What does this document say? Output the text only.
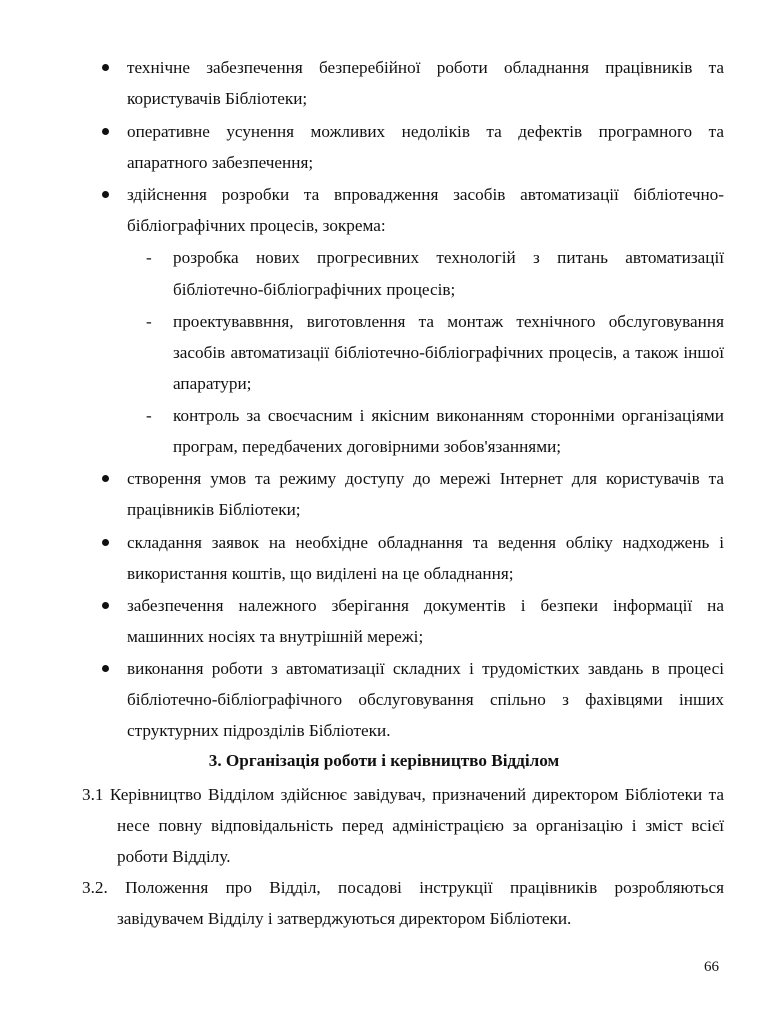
технічне забезпечення безперебійної роботи обладнання працівників та
користувачів Бібліотеки;
оперативне усунення можливих недоліків та дефектів програмного та
апаратного забезпечення;
здійснення розробки та впровадження засобів автоматизації бібліотечно-
бібліографічних процесів, зокрема:
- розробка нових прогресивних технологій з питань автоматизації
бібліотечно-бібліографічних процесів;
- проектуваввння, виготовлення та монтаж технічного обслуговування
засобів автоматизації бібліотечно-бібліографічних процесів, а також іншої
апаратури;
- контроль за своєчасним і якісним виконанням сторонніми організаціями
програм, передбачених договірними зобов'язаннями;
створення умов та режиму доступу до мережі Інтернет для користувачів та
працівників Бібліотеки;
складання заявок на необхідне обладнання та ведення обліку надходжень і
використання коштів, що виділені на це обладнання;
забезпечення належного зберігання документів і безпеки інформації на
машинних носіях та внутрішній мережі;
виконання роботи з автоматизації складних і трудомістких завдань в процесі
бібліотечно-бібліографічного обслуговування спільно з фахівцями інших
структурних підрозділів Бібліотеки.
3. Організація роботи і керівництво Відділом
3.1 Керівництво Відділом здійснює завідувач, призначений директором Бібліотеки та
несе повну відповідальність перед адміністрацією за організацію і зміст всієї
роботи Відділу.
3.2. Положення про Відділ, посадові інструкції працівників розробляються
завідувачем Відділу і затверджуються директором Бібліотеки.
66
